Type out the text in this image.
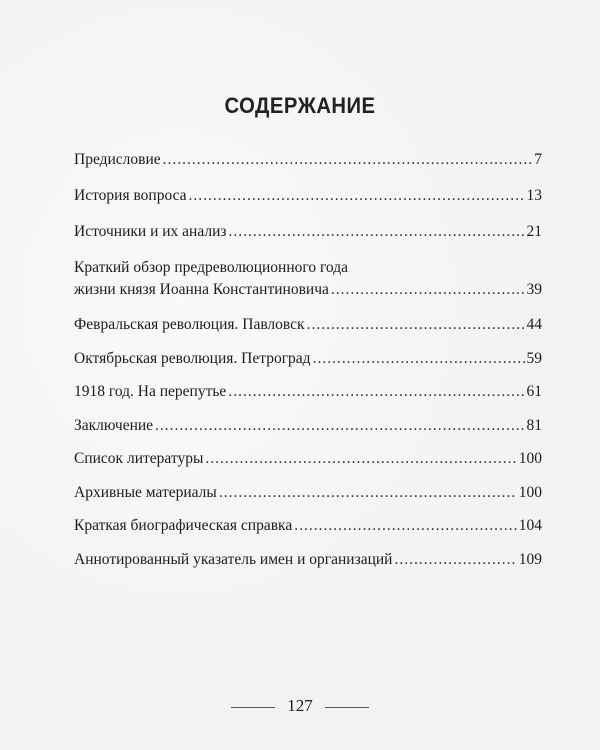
СОДЕРЖАНИЕ
Предисловие .....	7
История вопроса .....	13
Источники и их анализ .....	21
Краткий обзор предреволюционного года
жизни князя Иоанна Константиновича .....	39
Февральская революция. Павловск .....	44
Октябрьская революция. Петроград .....	59
1918 год. На перепутье .....	61
Заключение .....	81
Список литературы .....	100
Архивные материалы .....	100
Краткая биографическая справка .....	104
Аннотированный указатель имен и организаций .....	109
127
